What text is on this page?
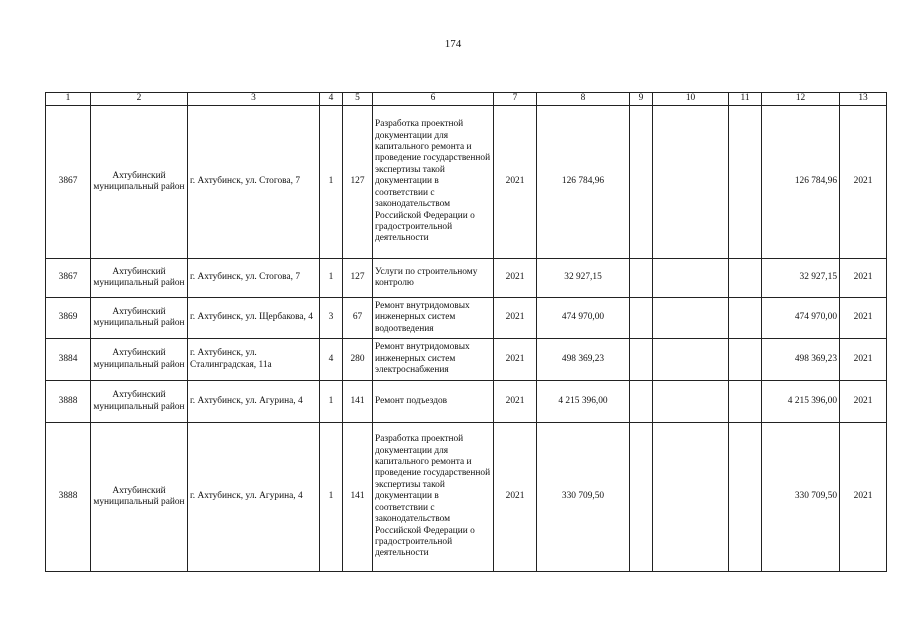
174
1	2	3	4	5	6	7	8	9	10	11	12	13
3867	Ахтубинский муниципальный район	г. Ахтубинск, ул. Стогова, 7	1	127	Разработка проектной документации для капитального ремонта и проведение государственной экспертизы такой документации в соответствии с законодательством Российской Федерации о градостроительной деятельности	2021	126 784,96				126 784,96	2021
3867	Ахтубинский муниципальный район	г. Ахтубинск, ул. Стогова, 7	1	127	Услуги по строительному контролю	2021	32 927,15				32 927,15	2021
3869	Ахтубинский муниципальный район	г. Ахтубинск, ул. Щербакова, 4	3	67	Ремонт внутридомовых инженерных систем водоотведения	2021	474 970,00				474 970,00	2021
3884	Ахтубинский муниципальный район	г. Ахтубинск, ул. Сталинградская, 11а	4	280	Ремонт внутридомовых инженерных систем электроснабжения	2021	498 369,23				498 369,23	2021
3888	Ахтубинский муниципальный район	г. Ахтубинск, ул. Агурина, 4	1	141	Ремонт подъездов	2021	4 215 396,00				4 215 396,00	2021
3888	Ахтубинский муниципальный район	г. Ахтубинск, ул. Агурина, 4	1	141	Разработка проектной документации для капитального ремонта и проведение государственной экспертизы такой документации в соответствии с законодательством Российской Федерации о градостроительной деятельности	2021	330 709,50				330 709,50	2021
